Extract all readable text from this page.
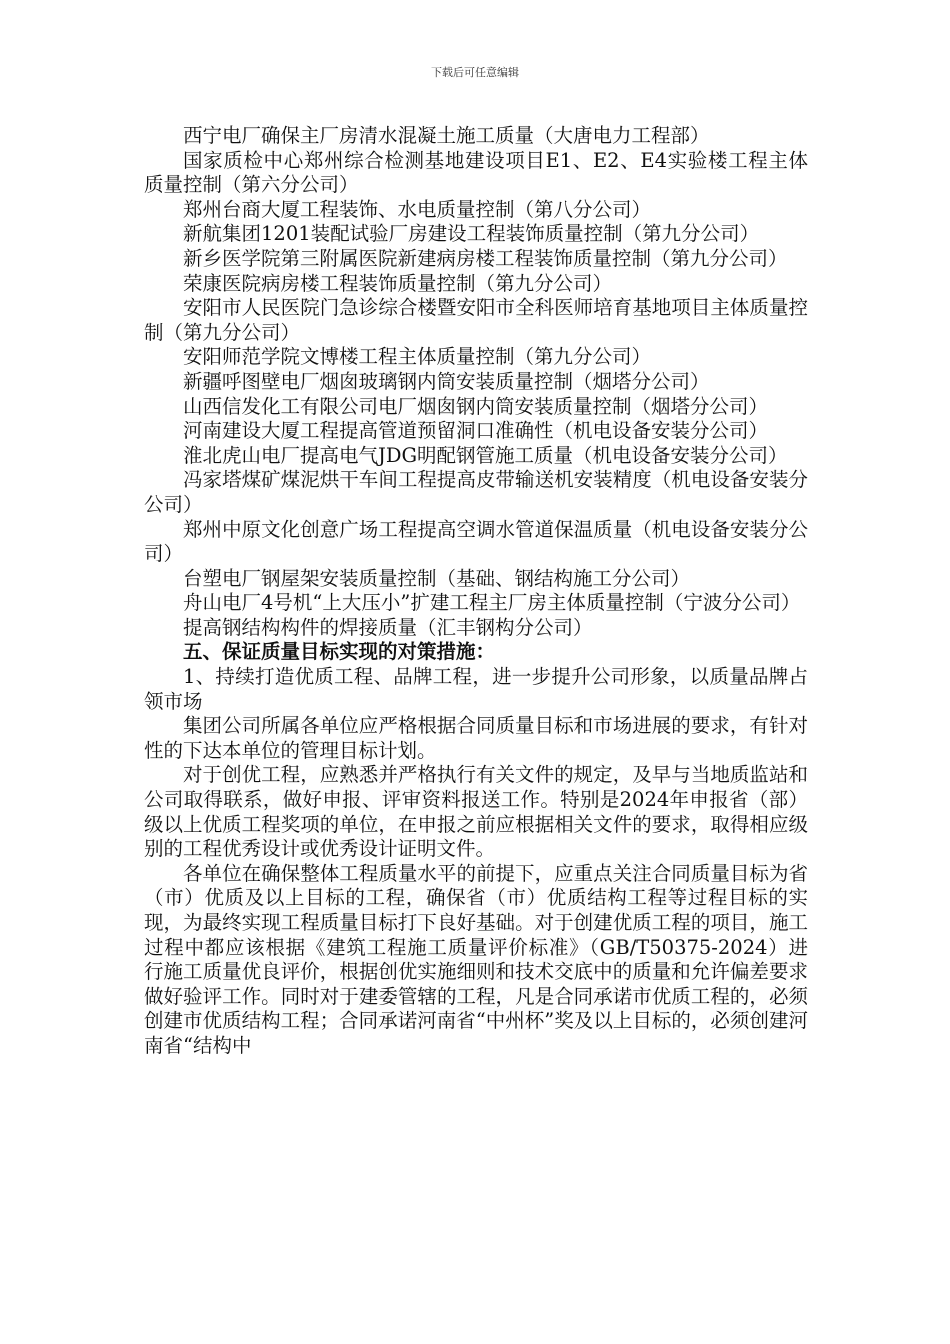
下载后可任意编辑

西宁电厂确保主厂房清水混凝土施工质量（大唐电力工程部）

国家质检中心郑州综合检测基地建设项目E1、E2、E4实验楼工程主体质量控制（第六分公司）

郑州台商大厦工程装饰、水电质量控制（第八分公司）

新航集团1201装配试验厂房建设工程装饰质量控制（第九分公司）

新乡医学院第三附属医院新建病房楼工程装饰质量控制（第九分公司）

荣康医院病房楼工程装饰质量控制（第九分公司）

安阳市人民医院门急诊综合楼暨安阳市全科医师培育基地项目主体质量控制（第九分公司）

安阳师范学院文博楼工程主体质量控制（第九分公司）

新疆呼图壁电厂烟囱玻璃钢内筒安装质量控制（烟塔分公司）

山西信发化工有限公司电厂烟囱钢内筒安装质量控制（烟塔分公司）

河南建设大厦工程提高管道预留洞口准确性（机电设备安装分公司）

淮北虎山电厂提高电气JDG明配钢管施工质量（机电设备安装分公司）

冯家塔煤矿煤泥烘干车间工程提高皮带输送机安装精度（机电设备安装分公司）

郑州中原文化创意广场工程提高空调水管道保温质量（机电设备安装分公司）

台塑电厂钢屋架安装质量控制（基础、钢结构施工分公司）

舟山电厂4号机“上大压小”扩建工程主厂房主体质量控制（宁波分公司）

提高钢结构构件的焊接质量（汇丰钢构分公司）

五、保证质量目标实现的对策措施：

1、持续打造优质工程、品牌工程，进一步提升公司形象，以质量品牌占领市场

集团公司所属各单位应严格根据合同质量目标和市场进展的要求，有针对性的下达本单位的管理目标计划。

对于创优工程，应熟悉并严格执行有关文件的规定，及早与当地质监站和公司取得联系，做好申报、评审资料报送工作。特别是2024年申报省（部）级以上优质工程奖项的单位，在申报之前应根据相关文件的要求，取得相应级别的工程优秀设计或优秀设计证明文件。

各单位在确保整体工程质量水平的前提下，应重点关注合同质量目标为省（市）优质及以上目标的工程，确保省（市）优质结构工程等过程目标的实现，为最终实现工程质量目标打下良好基础。对于创建优质工程的项目，施工过程中都应该根据《建筑工程施工质量评价标准》（GB/T50375-2024）进行施工质量优良评价，根据创优实施细则和技术交底中的质量和允许偏差要求做好验评工作。同时对于建委管辖的工程，凡是合同承诺市优质工程的，必须创建市优质结构工程；合同承诺河南省“中州杯”奖及以上目标的，必须创建河南省“结构中
